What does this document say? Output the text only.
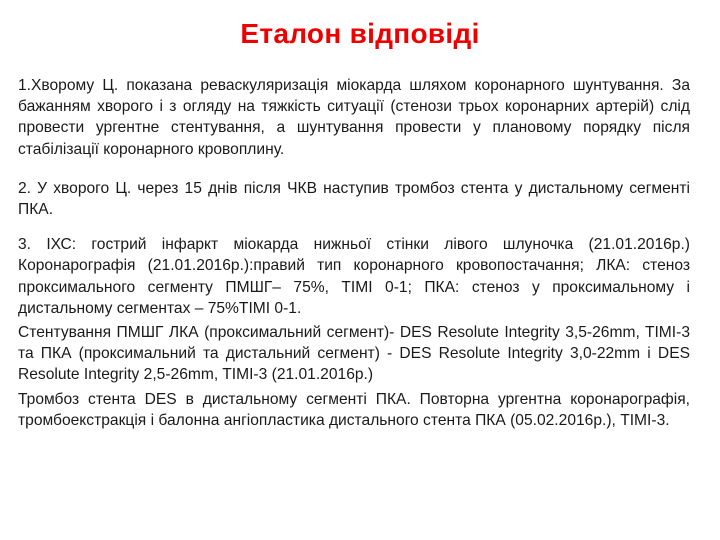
Еталон відповіді

1.Хворому Ц. показана реваскуляризація міокарда шляхом коронарного шунтування. За бажанням хворого і з огляду на тяжкість ситуації (стенози трьох коронарних артерій) слід провести ургентне стентування, а шунтування провести у плановому порядку після стабілізації коронарного кровоплину.

2. У хворого Ц. через 15 днів після ЧКВ наступив тромбоз стента у дистальному сегменті ПКА.

3. ІХС: гострий інфаркт міокарда нижньої стінки лівого шлуночка (21.01.2016р.) Коронарографія (21.01.2016р.):правий тип коронарного кровопостачання; ЛКА: стеноз проксимального сегменту ПМШГ– 75%, ТІМІ 0-1; ПКА: стеноз у проксимальному і дистальному сегментах – 75%ТІМІ 0-1.

Стентування ПМШГ ЛКА (проксимальний сегмент)- DES Resolute Integrity 3,5-26mm, TIMI-3 та ПКА (проксимальний та дистальний сегмент) - DES Resolute Integrity 3,0-22mm і DES Resolute Integrity 2,5-26mm, TIMI-3 (21.01.2016р.)

Тромбоз стента DES в дистальному сегменті ПКА. Повторна ургентна коронарографія, тромбоекстракція і балонна ангіопластика дистального стента ПКА (05.02.2016р.), ТІМІ-3.
